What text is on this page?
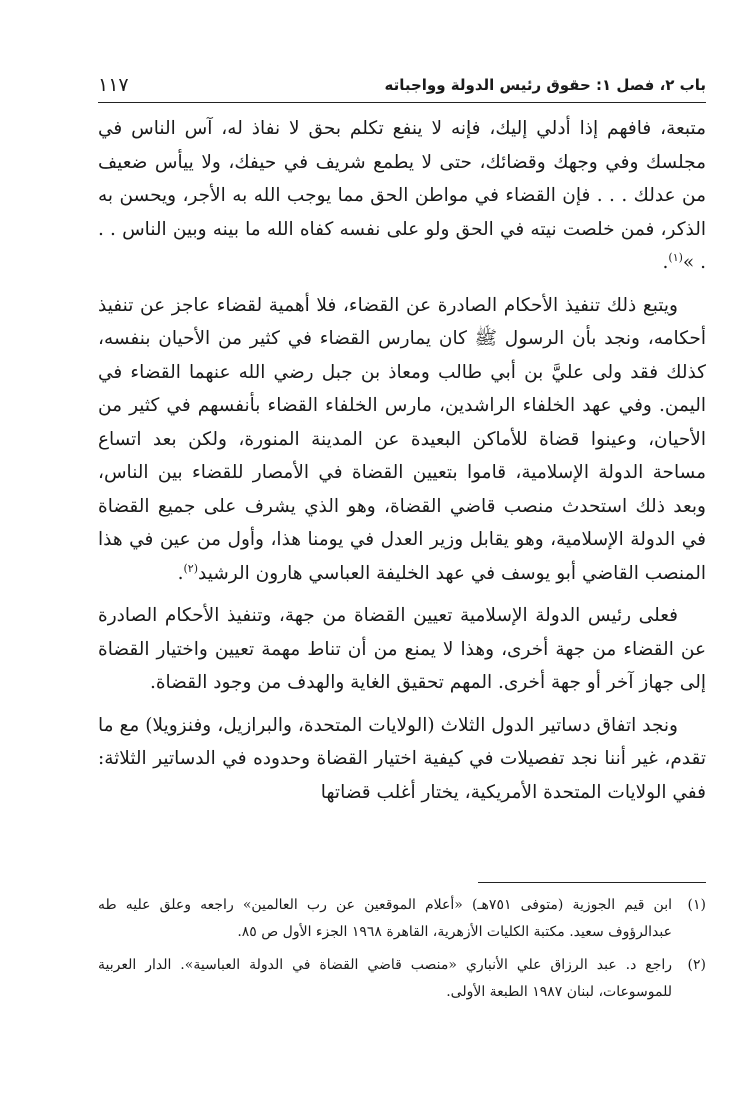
باب ٢، فصل ١: حقوق رئيس الدولة وواجباته
١١٧

متبعة، فافهم إذا أدلي إليك، فإنه لا ينفع تكلم بحق لا نفاذ له، آس الناس في مجلسك وفي وجهك وقضائك، حتى لا يطمع شريف في حيفك، ولا ييأس ضعيف من عدلك . . . فإن القضاء في مواطن الحق مما يوجب الله به الأجر، ويحسن به الذكر، فمن خلصت نيته في الحق ولو على نفسه كفاه الله ما بينه وبين الناس . . . »$^{(١)}$.

ويتبع ذلك تنفيذ الأحكام الصادرة عن القضاء، فلا أهمية لقضاء عاجز عن تنفيذ أحكامه، ونجد بأن الرسول ﷺ كان يمارس القضاء في كثير من الأحيان بنفسه، كذلك فقد ولى عليَّ بن أبي طالب ومعاذ بن جبل رضي الله عنهما القضاء في اليمن. وفي عهد الخلفاء الراشدين، مارس الخلفاء القضاء بأنفسهم في كثير من الأحيان، وعينوا قضاة للأماكن البعيدة عن المدينة المنورة، ولكن بعد اتساع مساحة الدولة الإسلامية، قاموا بتعيين القضاة في الأمصار للقضاء بين الناس، وبعد ذلك استحدث منصب قاضي القضاة، وهو الذي يشرف على جميع القضاة في الدولة الإسلامية، وهو يقابل وزير العدل في يومنا هذا، وأول من عين في هذا المنصب القاضي أبو يوسف في عهد الخليفة العباسي هارون الرشيد$^{(٢)}$.

فعلى رئيس الدولة الإسلامية تعيين القضاة من جهة، وتنفيذ الأحكام الصادرة عن القضاء من جهة أخرى، وهذا لا يمنع من أن تناط مهمة تعيين واختيار القضاة إلى جهاز آخر أو جهة أخرى. المهم تحقيق الغاية والهدف من وجود القضاة.

ونجد اتفاق دساتير الدول الثلاث (الولايات المتحدة، والبرازيل، وفنزويلا) مع ما تقدم، غير أننا نجد تفصيلات في كيفية اختيار القضاة وحدوده في الدساتير الثلاثة: ففي الولايات المتحدة الأمريكية، يختار أغلب قضاتها

(١)
ابن قيم الجوزية (متوفى ٧٥١هـ) «أعلام الموقعين عن رب العالمين» راجعه وعلق عليه طه عبدالرؤوف سعيد. مكتبة الكليات الأزهرية، القاهرة ١٩٦٨ الجزء الأول ص ٨٥.

(٢)
راجع د. عبد الرزاق علي الأنباري «منصب قاضي القضاة في الدولة العباسية». الدار العربية للموسوعات، لبنان ١٩٨٧ الطبعة الأولى.
